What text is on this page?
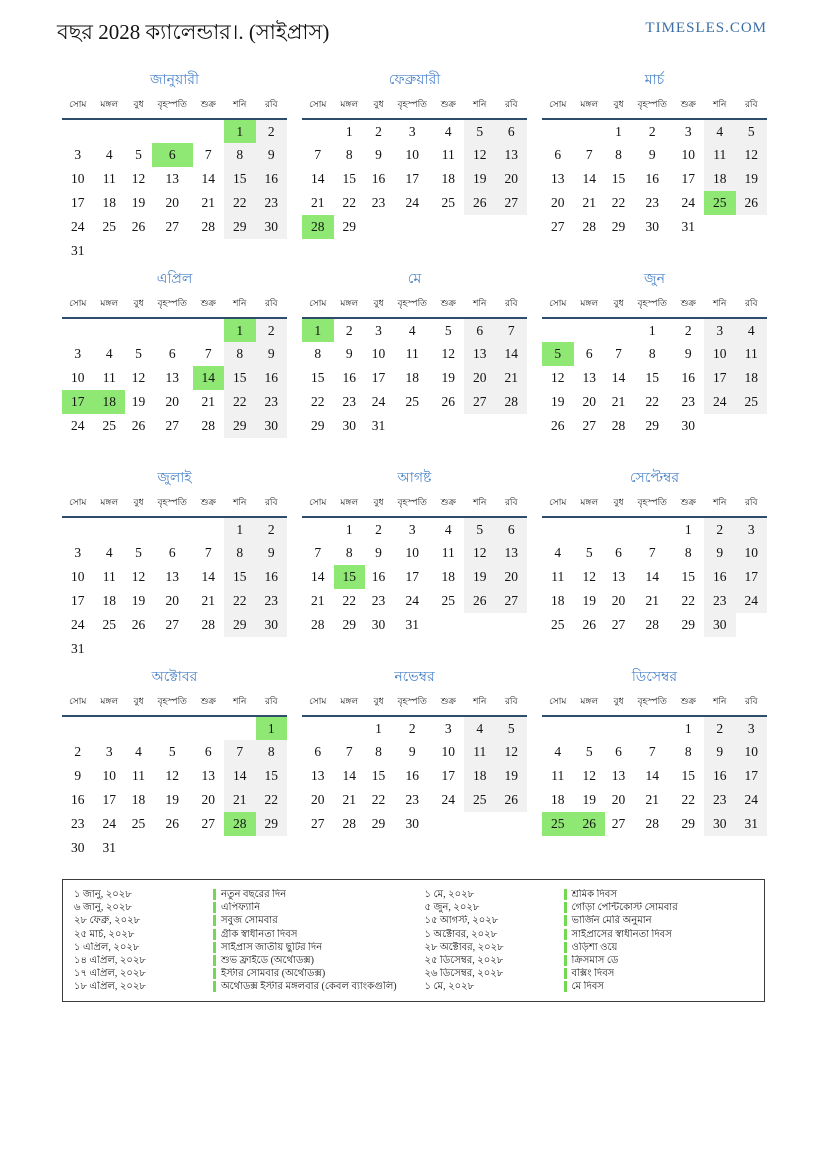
বছর 2028 ক্যালেন্ডার।. (সাইপ্রাস)	TIMESLES.COM
জানুয়ারী
সোম	মঙ্গল	বুধ	বৃহস্পতি	শুক্র	শনি	রবি
					1	2
3	4	5	6	7	8	9
10	11	12	13	14	15	16
17	18	19	20	21	22	23
24	25	26	27	28	29	30
31						
ফেব্রুয়ারী
সোম	মঙ্গল	বুধ	বৃহস্পতি	শুক্র	শনি	রবি
	1	2	3	4	5	6
7	8	9	10	11	12	13
14	15	16	17	18	19	20
21	22	23	24	25	26	27
28	29					
মার্চ
সোম	মঙ্গল	বুধ	বৃহস্পতি	শুক্র	শনি	রবি
		1	2	3	4	5
6	7	8	9	10	11	12
13	14	15	16	17	18	19
20	21	22	23	24	25	26
27	28	29	30	31		
এপ্রিল
সোম	মঙ্গল	বুধ	বৃহস্পতি	শুক্র	শনি	রবি
					1	2
3	4	5	6	7	8	9
10	11	12	13	14	15	16
17	18	19	20	21	22	23
24	25	26	27	28	29	30
মে
সোম	মঙ্গল	বুধ	বৃহস্পতি	শুক্র	শনি	রবি
1	2	3	4	5	6	7
8	9	10	11	12	13	14
15	16	17	18	19	20	21
22	23	24	25	26	27	28
29	30	31				
জুন
সোম	মঙ্গল	বুধ	বৃহস্পতি	শুক্র	শনি	রবি
			1	2	3	4
5	6	7	8	9	10	11
12	13	14	15	16	17	18
19	20	21	22	23	24	25
26	27	28	29	30		
জুলাই
সোম	মঙ্গল	বুধ	বৃহস্পতি	শুক্র	শনি	রবি
					1	2
3	4	5	6	7	8	9
10	11	12	13	14	15	16
17	18	19	20	21	22	23
24	25	26	27	28	29	30
31						
আগষ্ট
সোম	মঙ্গল	বুধ	বৃহস্পতি	শুক্র	শনি	রবি
	1	2	3	4	5	6
7	8	9	10	11	12	13
14	15	16	17	18	19	20
21	22	23	24	25	26	27
28	29	30	31			
সেপ্টেম্বর
সোম	মঙ্গল	বুধ	বৃহস্পতি	শুক্র	শনি	রবি
				1	2	3
4	5	6	7	8	9	10
11	12	13	14	15	16	17
18	19	20	21	22	23	24
25	26	27	28	29	30	
অক্টোবর
সোম	মঙ্গল	বুধ	বৃহস্পতি	শুক্র	শনি	রবি
						1
2	3	4	5	6	7	8
9	10	11	12	13	14	15
16	17	18	19	20	21	22
23	24	25	26	27	28	29
30	31					
নভেম্বর
সোম	মঙ্গল	বুধ	বৃহস্পতি	শুক্র	শনি	রবি
		1	2	3	4	5
6	7	8	9	10	11	12
13	14	15	16	17	18	19
20	21	22	23	24	25	26
27	28	29	30			
ডিসেম্বর
সোম	মঙ্গল	বুধ	বৃহস্পতি	শুক্র	শনি	রবি
				1	2	3
4	5	6	7	8	9	10
11	12	13	14	15	16	17
18	19	20	21	22	23	24
25	26	27	28	29	30	31
১ জানু, ২০২৮	নতুন বছরের দিন
৬ জানু, ২০২৮	এপিফ্যানি
২৮ ফেব্রু, ২০২৮	সবুজ সোমবার
২৫ মার্চ, ২০২৮	গ্রীক স্বাধীনতা দিবস
১ এপ্রিল, ২০২৮	সাইপ্রাস জাতীয় ছুটির দিন
১৪ এপ্রিল, ২০২৮	শুভ ফ্রাইডে (অর্থোডক্স)
১৭ এপ্রিল, ২০২৮	ইস্টার সোমবার (অর্থোডক্স)
১৮ এপ্রিল, ২০২৮	অর্থোডক্স ইস্টার মঙ্গলবার (কেবল ব্যাংকগুলি)
১ মে, ২০২৮	শ্রমিক দিবস
৫ জুন, ২০২৮	গোঁড়া পেন্টিকোস্ট সোমবার
১৫ আগস্ট, ২০২৮	ভার্জিন মেরি অনুমান
১ অক্টোবর, ২০২৮	সাইপ্রাসের স্বাধীনতা দিবস
২৮ অক্টোবর, ২০২৮	ওড়িশা ওয়ে
২৫ ডিসেম্বর, ২০২৮	ক্রিসমাস ডে
২৬ ডিসেম্বর, ২০২৮	বক্সিং দিবস
১ মে, ২০২৮	মে দিবস
